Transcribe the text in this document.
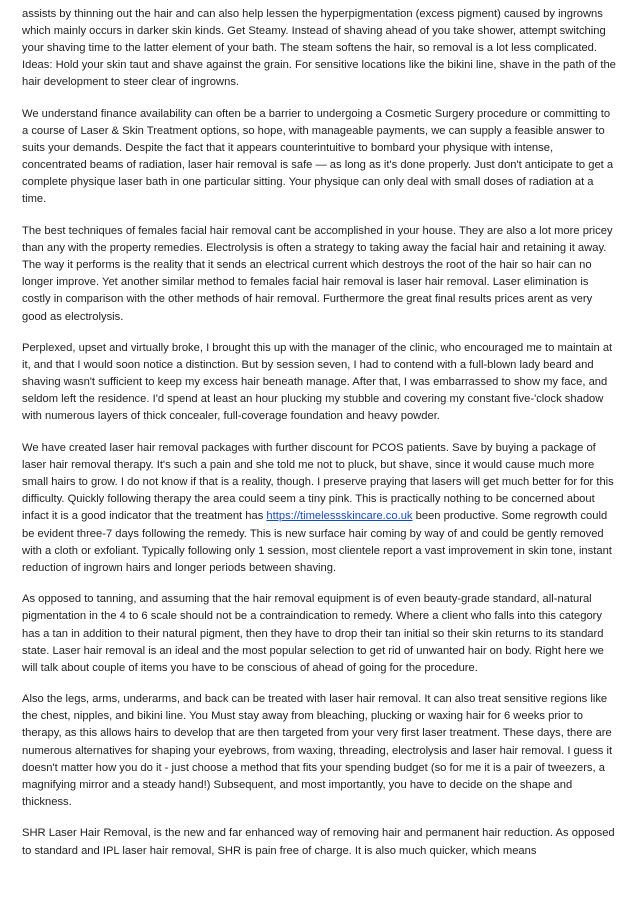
assists by thinning out the hair and can also help lessen the hyperpigmentation (excess pigment) caused by ingrowns which mainly occurs in darker skin kinds. Get Steamy. Instead of shaving ahead of you take shower, attempt switching your shaving time to the latter element of your bath. The steam softens the hair, so removal is a lot less complicated. Ideas: Hold your skin taut and shave against the grain. For sensitive locations like the bikini line, shave in the path of the hair development to steer clear of ingrowns.

We understand finance availability can often be a barrier to undergoing a Cosmetic Surgery procedure or committing to a course of Laser & Skin Treatment options, so hope, with manageable payments, we can supply a feasible answer to suits your demands. Despite the fact that it appears counterintuitive to bombard your physique with intense, concentrated beams of radiation, laser hair removal is safe — as long as it's done properly. Just don't anticipate to get a complete physique laser bath in one particular sitting. Your physique can only deal with small doses of radiation at a time.

The best techniques of females facial hair removal cant be accomplished in your house. They are also a lot more pricey than any with the property remedies. Electrolysis is often a strategy to taking away the facial hair and retaining it away. The way it performs is the reality that it sends an electrical current which destroys the root of the hair so hair can no longer improve. Yet another similar method to females facial hair removal is laser hair removal. Laser elimination is costly in comparison with the other methods of hair removal. Furthermore the great final results prices arent as very good as electrolysis.

Perplexed, upset and virtually broke, I brought this up with the manager of the clinic, who encouraged me to maintain at it, and that I would soon notice a distinction. But by session seven, I had to contend with a full-blown lady beard and shaving wasn't sufficient to keep my excess hair beneath manage. After that, I was embarrassed to show my face, and seldom left the residence. I'd spend at least an hour plucking my stubble and covering my constant five-'clock shadow with numerous layers of thick concealer, full-coverage foundation and heavy powder.

We have created laser hair removal packages with further discount for PCOS patients. Save by buying a package of laser hair removal therapy. It's such a pain and she told me not to pluck, but shave, since it would cause much more small hairs to grow. I do not know if that is a reality, though. I preserve praying that lasers will get much better for for this difficulty. Quickly following therapy the area could seem a tiny pink. This is practically nothing to be concerned about infact it is a good indicator that the treatment has https://timelessskincare.co.uk been productive. Some regrowth could be evident three-7 days following the remedy. This is new surface hair coming by way of and could be gently removed with a cloth or exfoliant. Typically following only 1 session, most clientele report a vast improvement in skin tone, instant reduction of ingrown hairs and longer periods between shaving.

As opposed to tanning, and assuming that the hair removal equipment is of even beauty-grade standard, all-natural pigmentation in the 4 to 6 scale should not be a contraindication to remedy. Where a client who falls into this category has a tan in addition to their natural pigment, then they have to drop their tan initial so their skin returns to its standard state. Laser hair removal is an ideal and the most popular selection to get rid of unwanted hair on body. Right here we will talk about couple of items you have to be conscious of ahead of going for the procedure.

Also the legs, arms, underarms, and back can be treated with laser hair removal. It can also treat sensitive regions like the chest, nipples, and bikini line. You Must stay away from bleaching, plucking or waxing hair for 6 weeks prior to therapy, as this allows hairs to develop that are then targeted from your very first laser treatment. These days, there are numerous alternatives for shaping your eyebrows, from waxing, threading, electrolysis and laser hair removal. I guess it doesn't matter how you do it - just choose a method that fits your spending budget (so for me it is a pair of tweezers, a magnifying mirror and a steady hand!) Subsequent, and most importantly, you have to decide on the shape and thickness.

SHR Laser Hair Removal, is the new and far enhanced way of removing hair and permanent hair reduction. As opposed to standard and IPL laser hair removal, SHR is pain free of charge. It is also much quicker, which means
